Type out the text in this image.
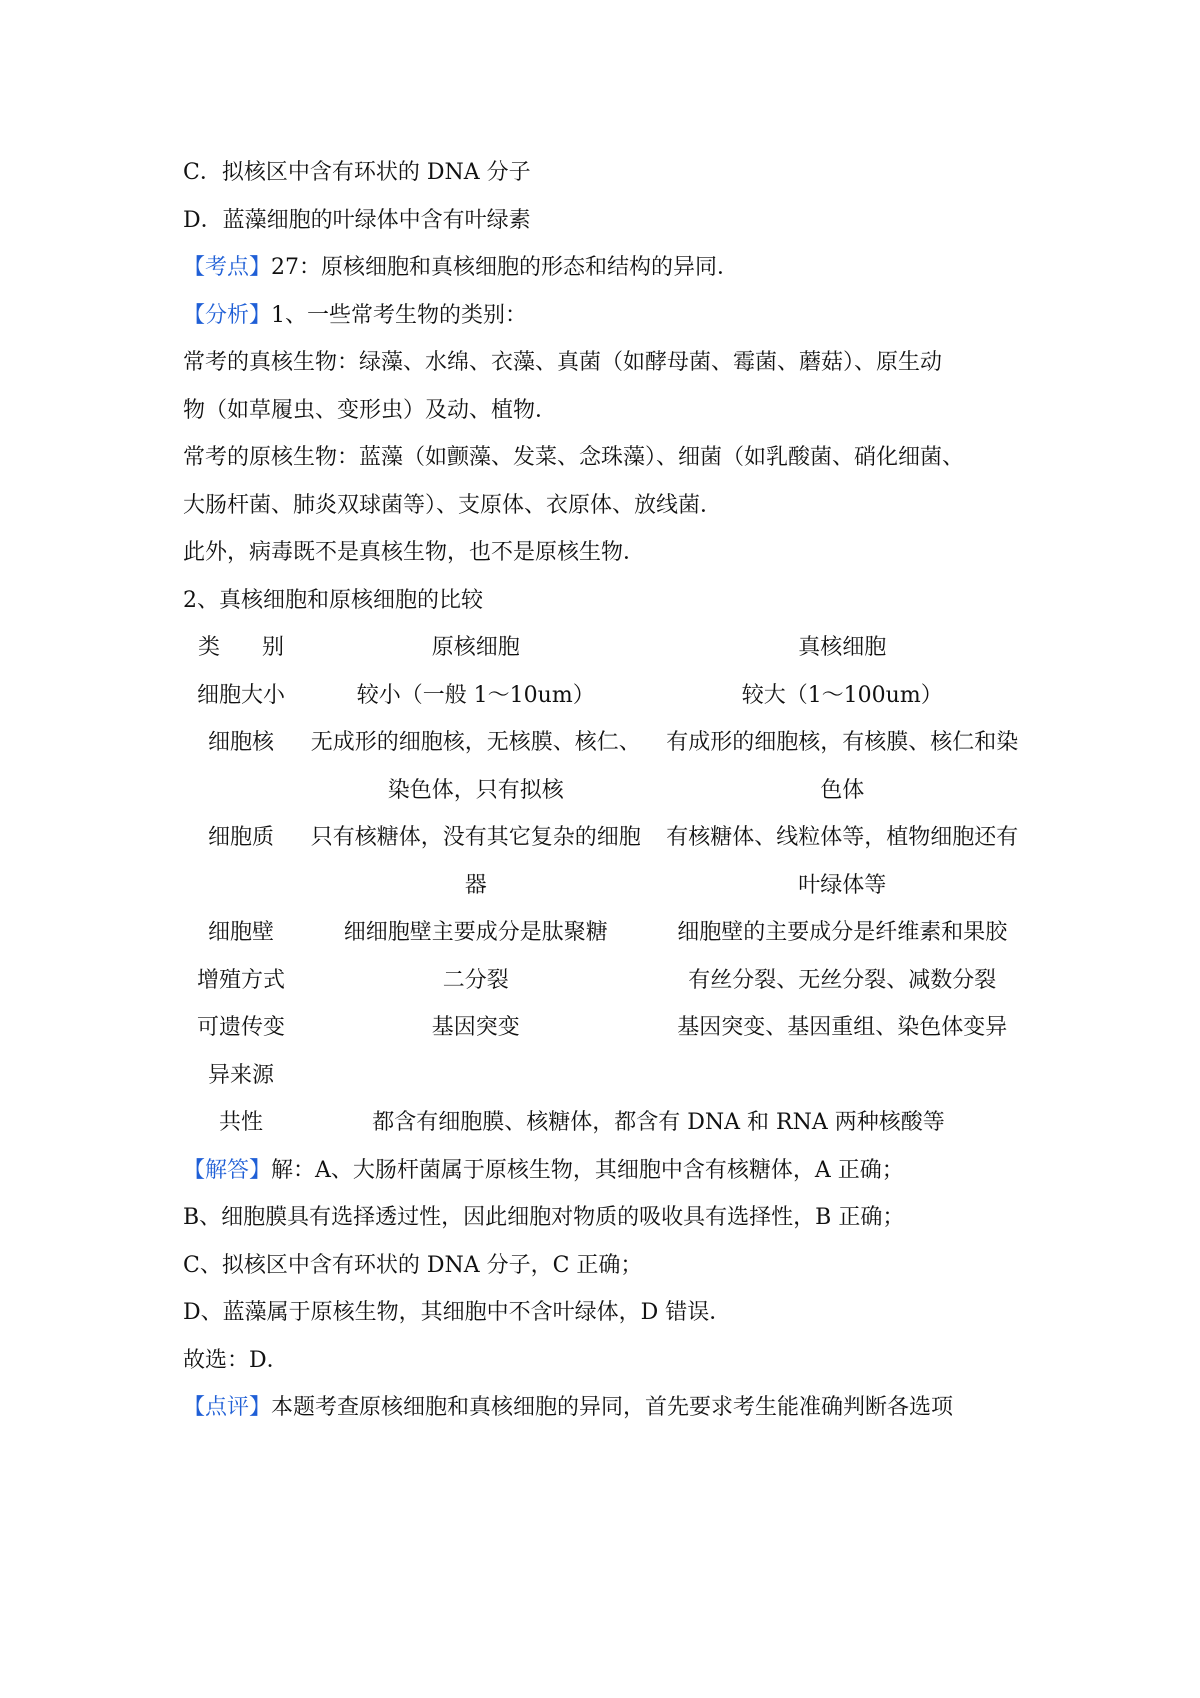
C．拟核区中含有环状的 DNA 分子
D．蓝藻细胞的叶绿体中含有叶绿素
【考点】27：原核细胞和真核细胞的形态和结构的异同．
【分析】1、一些常考生物的类别：
常考的真核生物：绿藻、水绵、衣藻、真菌（如酵母菌、霉菌、蘑菇）、原生动
物（如草履虫、变形虫）及动、植物．
常考的原核生物：蓝藻（如颤藻、发菜、念珠藻）、细菌（如乳酸菌、硝化细菌、
大肠杆菌、肺炎双球菌等）、支原体、衣原体、放线菌．
此外，病毒既不是真核生物，也不是原核生物．
2、真核细胞和原核细胞的比较
类      别	原核细胞	真核细胞
细胞大小	较小（一般 1～10um）	较大（1～100um）
细胞核	无成形的细胞核，无核膜、核仁、染色体，只有拟核	有成形的细胞核，有核膜、核仁和染色体
细胞质	只有核糖体，没有其它复杂的细胞器	有核糖体、线粒体等，植物细胞还有叶绿体等
细胞壁	细细胞壁主要成分是肽聚糖	细胞壁的主要成分是纤维素和果胶
增殖方式	二分裂	有丝分裂、无丝分裂、减数分裂
可遗传变异来源	基因突变	基因突变、基因重组、染色体变异
共性	都含有细胞膜、核糖体，都含有 DNA 和 RNA 两种核酸等	
【解答】解：A、大肠杆菌属于原核生物，其细胞中含有核糖体，A 正确；
B、细胞膜具有选择透过性，因此细胞对物质的吸收具有选择性，B 正确；
C、拟核区中含有环状的 DNA 分子，C 正确；
D、蓝藻属于原核生物，其细胞中不含叶绿体，D 错误．
故选：D．
【点评】本题考查原核细胞和真核细胞的异同，首先要求考生能准确判断各选项
